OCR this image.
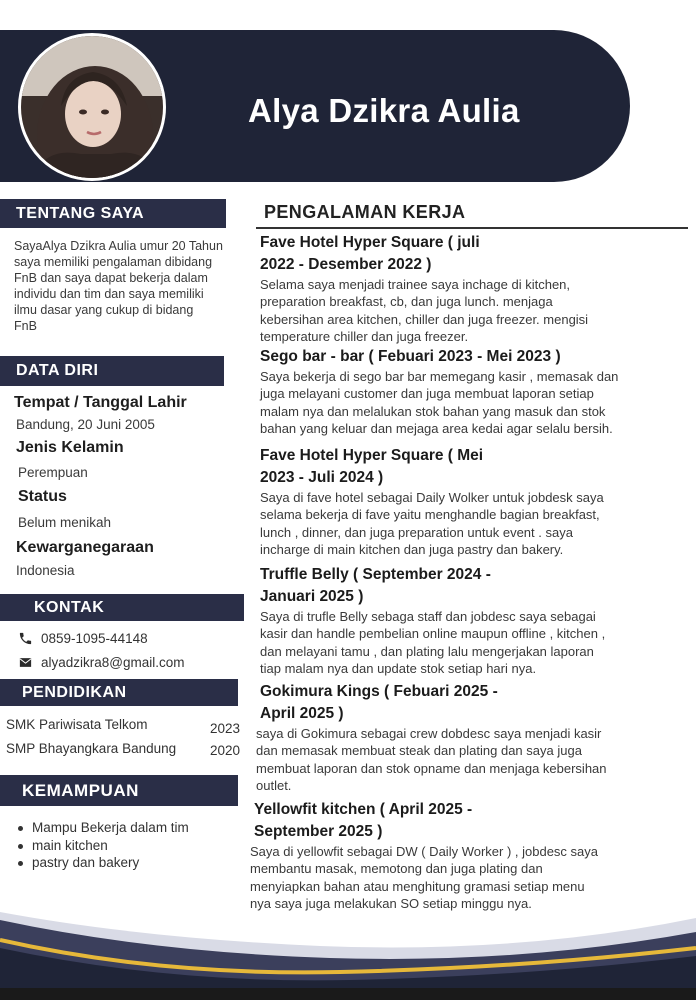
Alya Dzikra Aulia
TENTANG SAYA
SayaAlya Dzikra Aulia umur 20 Tahun
saya memiliki pengalaman dibidang
FnB dan saya dapat bekerja dalam
individu dan tim dan saya memiliki
ilmu dasar yang cukup di bidang
FnB
DATA DIRI
Tempat / Tanggal Lahir
Bandung, 20 Juni 2005
Jenis Kelamin
Perempuan
Status
Belum menikah
Kewarganegaraan
Indonesia
KONTAK
0859-1095-44148
alyadzikra8@gmail.com
PENDIDIKAN
SMK Pariwisata Telkom	2023
SMP Bhayangkara Bandung	2020
KEMAMPUAN
Mampu Bekerja dalam tim
main kitchen
pastry dan bakery
PENGALAMAN KERJA
Fave Hotel Hyper Square ( juli
2022 - Desember 2022 )
Selama saya menjadi trainee saya inchage di kitchen,
preparation breakfast, cb, dan juga lunch. menjaga
kebersihan area kitchen, chiller dan juga freezer. mengisi
temperature chiller dan juga freezer.
Sego bar - bar ( Febuari 2023 - Mei 2023 )
Saya bekerja di sego bar bar memegang kasir , memasak dan
juga melayani customer dan juga membuat laporan setiap
malam nya dan melalukan stok bahan yang masuk dan stok
bahan yang keluar dan mejaga area kedai agar selalu bersih.
Fave Hotel Hyper Square ( Mei
2023 - Juli 2024 )
Saya di fave hotel sebagai Daily Wolker untuk jobdesk saya
selama bekerja di fave yaitu menghandle bagian breakfast,
lunch , dinner, dan juga preparation untuk event . saya
incharge di main kitchen dan juga pastry dan bakery.
Truffle Belly ( September 2024 -
Januari 2025 )
Saya di trufle Belly sebaga staff dan jobdesc saya sebagai
kasir dan handle pembelian online maupun offline , kitchen ,
dan melayani tamu , dan plating lalu mengerjakan laporan
tiap malam nya dan update stok setiap hari nya.
Gokimura Kings ( Febuari 2025 -
April 2025 )
saya di Gokimura sebagai crew dobdesc saya menjadi kasir
dan memasak membuat steak dan plating dan saya juga
membuat laporan dan stok opname dan menjaga kebersihan
outlet.
Yellowfit kitchen ( April 2025 -
September 2025 )
Saya di yellowfit sebagai DW ( Daily Worker ) , jobdesc saya
membantu masak, memotong dan juga plating dan
menyiapkan bahan atau menghitung gramasi setiap menu
nya saya juga melakukan SO setiap minggu nya.
